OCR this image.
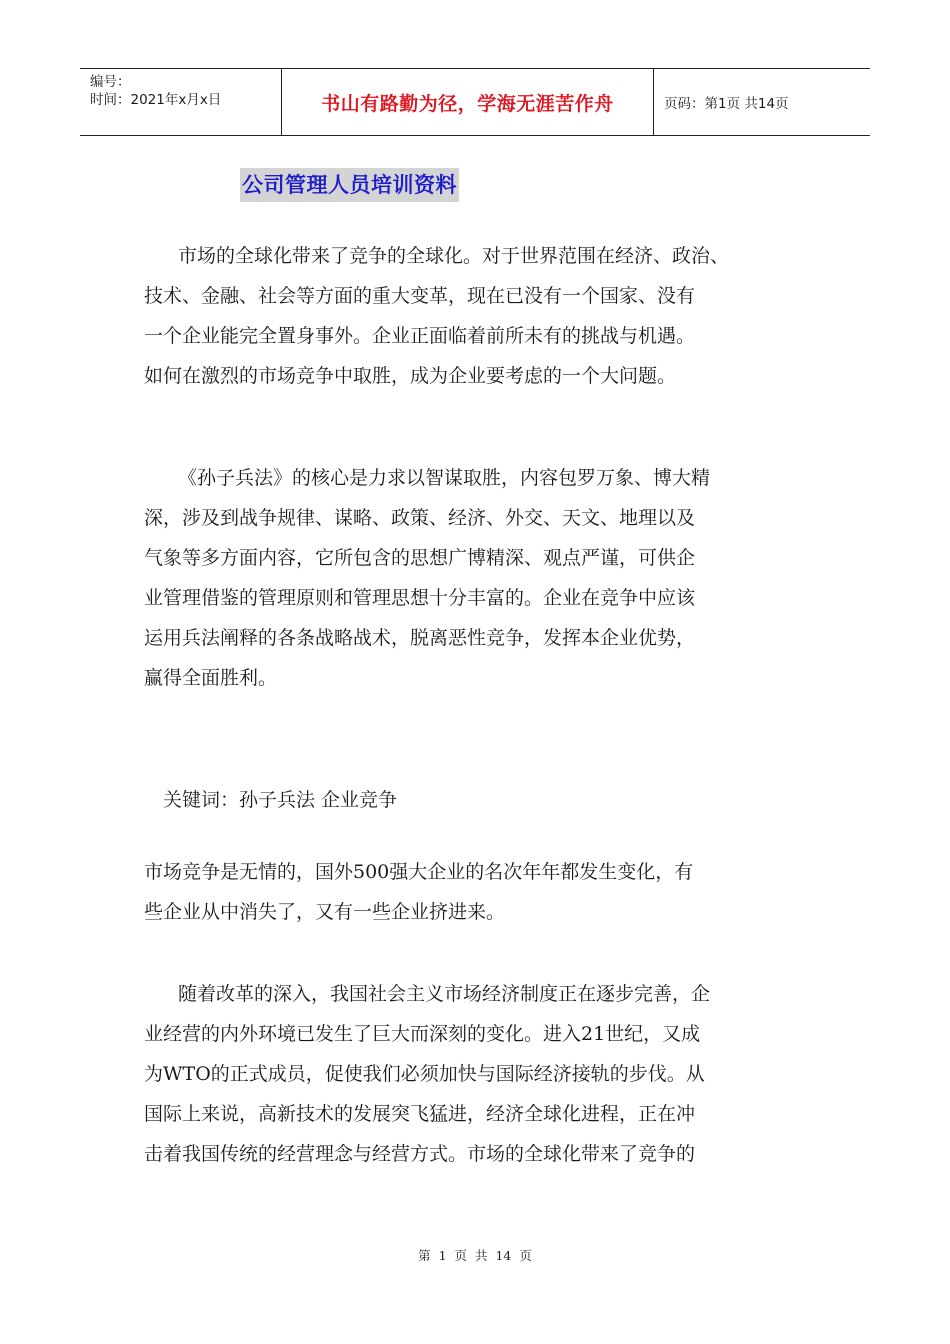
编号：
时间：2021年x月x日	书山有路勤为径，学海无涯苦作舟	页码：第1页 共14页
公司管理人员培训资料

市场的全球化带来了竞争的全球化。对于世界范围在经济、政治、

技术、金融、社会等方面的重大变革，现在已没有一个国家、没有

一个企业能完全置身事外。企业正面临着前所未有的挑战与机遇。

如何在激烈的市场竞争中取胜，成为企业要考虑的一个大问题。

《孙子兵法》的核心是力求以智谋取胜，内容包罗万象、博大精

深，涉及到战争规律、谋略、政策、经济、外交、天文、地理以及

气象等多方面内容，它所包含的思想广博精深、观点严谨，可供企

业管理借鉴的管理原则和管理思想十分丰富的。企业在竞争中应该

运用兵法阐释的各条战略战术，脱离恶性竞争，发挥本企业优势，

赢得全面胜利。

关键词：孙子兵法 企业竞争

市场竞争是无情的，国外500强大企业的名次年年都发生变化，有

些企业从中消失了，又有一些企业挤进来。

随着改革的深入，我国社会主义市场经济制度正在逐步完善，企

业经营的内外环境已发生了巨大而深刻的变化。进入21世纪，又成

为WTO的正式成员，促使我们必须加快与国际经济接轨的步伐。从

国际上来说，高新技术的发展突飞猛进，经济全球化进程，正在冲

击着我国传统的经营理念与经营方式。市场的全球化带来了竞争的

第 1 页 共 14 页
